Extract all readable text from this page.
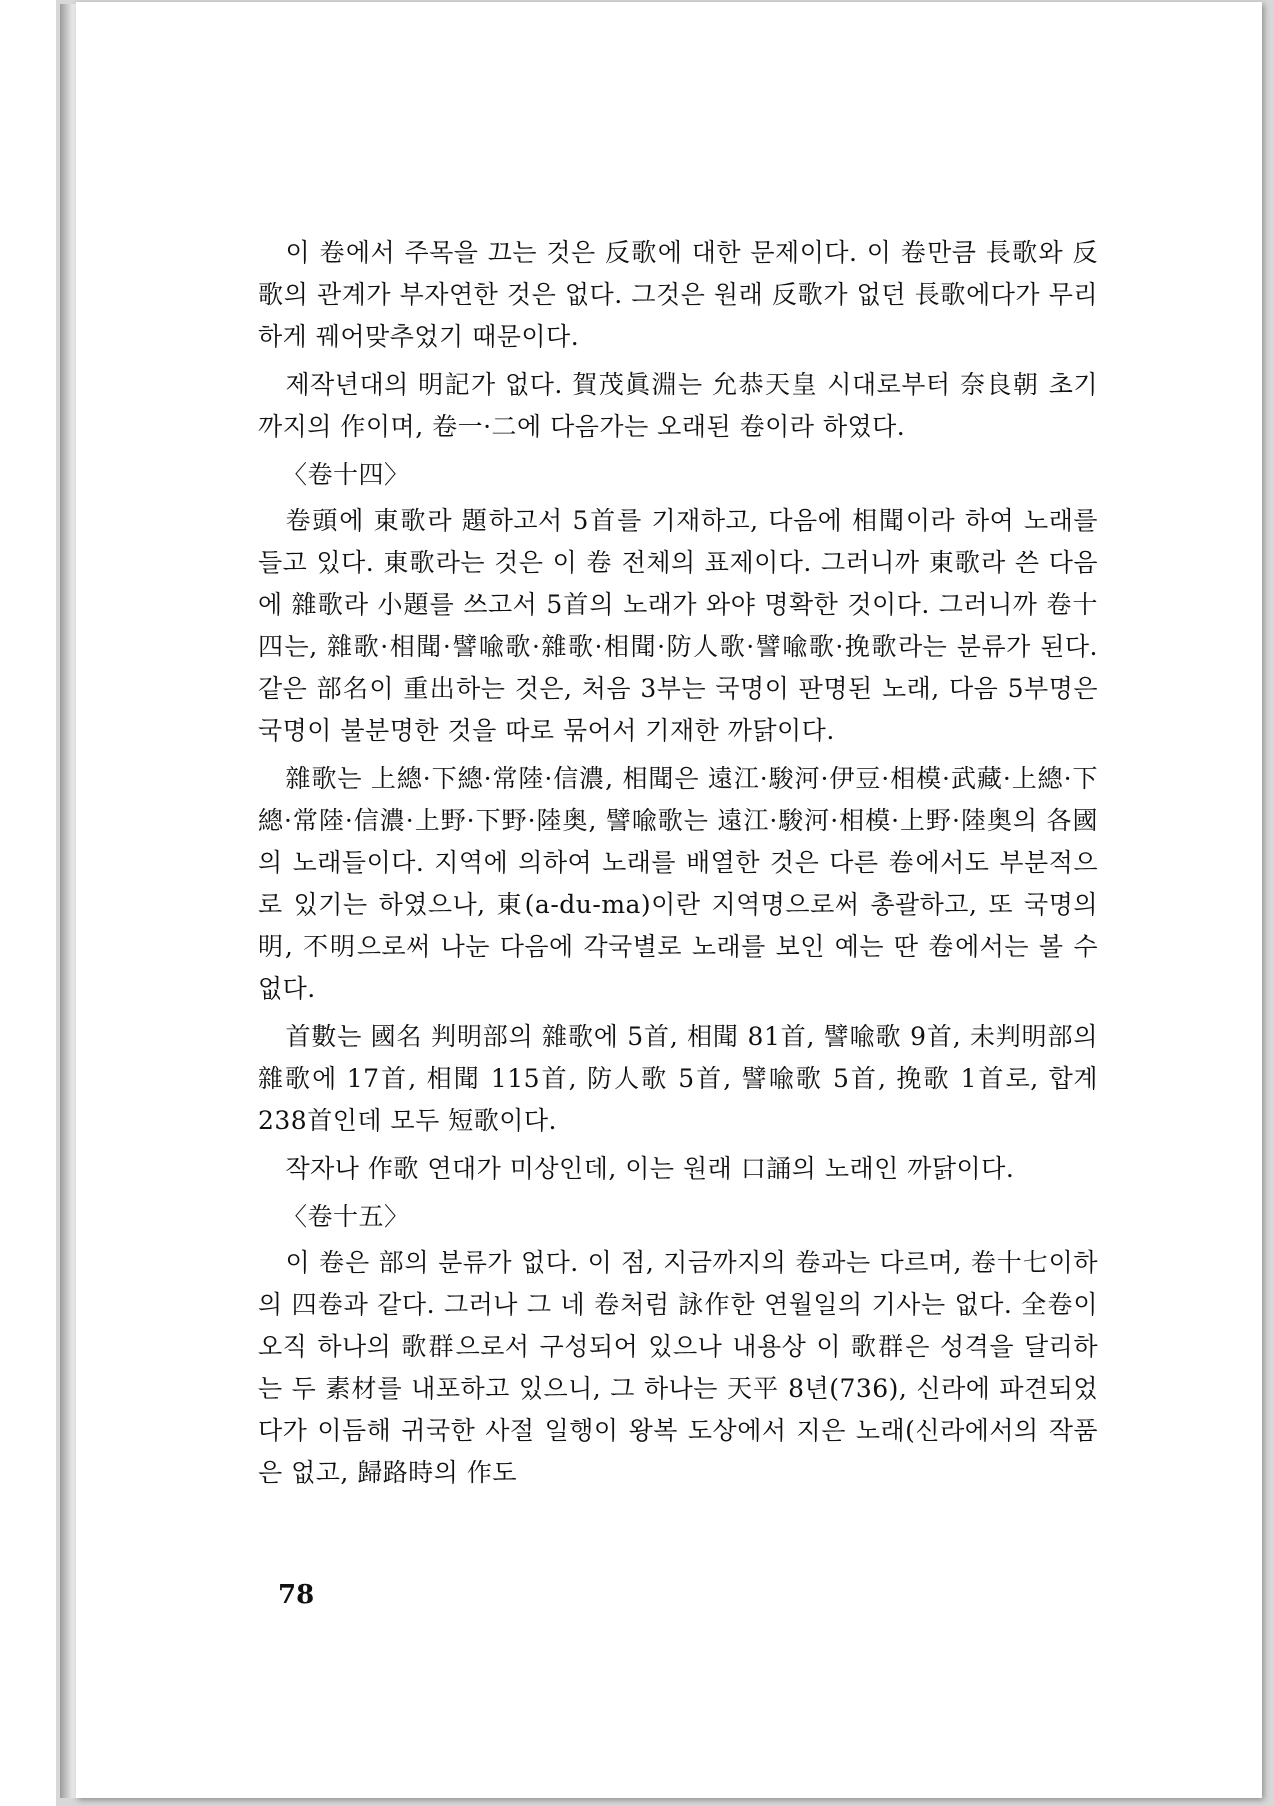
이 卷에서 주목을 끄는 것은 反歌에 대한 문제이다. 이 卷만큼 長歌와 反歌의 관계가 부자연한 것은 없다. 그것은 원래 反歌가 없던 長歌에다가 무리하게 꿰어맞추었기 때문이다.

제작년대의 明記가 없다. 賀茂眞淵는 允恭天皇 시대로부터 奈良朝 초기까지의 作이며, 卷一·二에 다음가는 오래된 卷이라 하였다.

〈卷十四〉

卷頭에 東歌라 題하고서 5首를 기재하고, 다음에 相聞이라 하여 노래를 들고 있다. 東歌라는 것은 이 卷 전체의 표제이다. 그러니까 東歌라 쓴 다음에 雜歌라 小題를 쓰고서 5首의 노래가 와야 명확한 것이다. 그러니까 卷十四는, 雜歌·相聞·譬喩歌·雜歌·相聞·防人歌·譬喩歌·挽歌라는 분류가 된다. 같은 部名이 重出하는 것은, 처음 3부는 국명이 판명된 노래, 다음 5부명은 국명이 불분명한 것을 따로 묶어서 기재한 까닭이다.

雜歌는 上總·下總·常陸·信濃, 相聞은 遠江·駿河·伊豆·相模·武藏·上總·下總·常陸·信濃·上野·下野·陸奥, 譬喩歌는 遠江·駿河·相模·上野·陸奥의 各國의 노래들이다. 지역에 의하여 노래를 배열한 것은 다른 卷에서도 부분적으로 있기는 하였으나, 東(a-du-ma)이란 지역명으로써 총괄하고, 또 국명의 明, 不明으로써 나눈 다음에 각국별로 노래를 보인 예는 딴 卷에서는 볼 수 없다.

首數는 國名 判明部의 雜歌에 5首, 相聞 81首, 譬喩歌 9首, 未判明部의 雜歌에 17首, 相聞 115首, 防人歌 5首, 譬喩歌 5首, 挽歌 1首로, 합계 238首인데 모두 短歌이다.

작자나 作歌 연대가 미상인데, 이는 원래 口誦의 노래인 까닭이다.

〈卷十五〉

이 卷은 部의 분류가 없다. 이 점, 지금까지의 卷과는 다르며, 卷十七이하의 四卷과 같다. 그러나 그 네 卷처럼 詠作한 연월일의 기사는 없다. 全卷이 오직 하나의 歌群으로서 구성되어 있으나 내용상 이 歌群은 성격을 달리하는 두 素材를 내포하고 있으니, 그 하나는 天平 8년(736), 신라에 파견되었다가 이듬해 귀국한 사절 일행이 왕복 도상에서 지은 노래(신라에서의 작품은 없고, 歸路時의 作도

78
